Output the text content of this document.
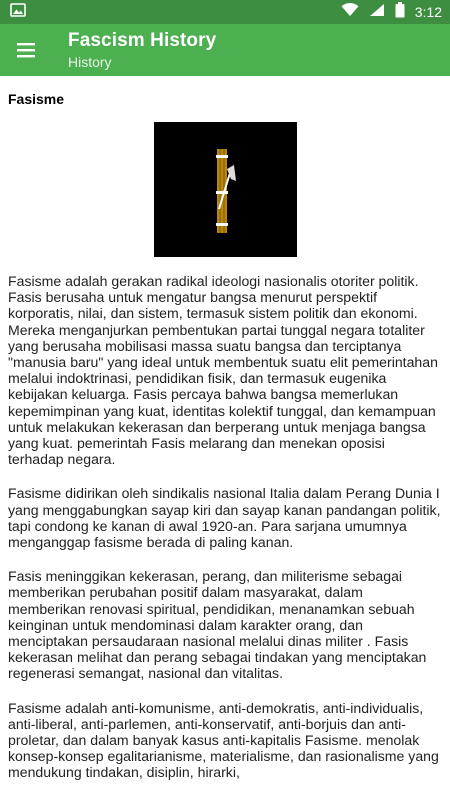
3:12
Fascism History
History
Fasisme

Fasisme adalah gerakan radikal ideologi nasionalis otoriter politik. Fasis berusaha untuk mengatur bangsa menurut perspektif korporatis, nilai, dan sistem, termasuk sistem politik dan ekonomi. Mereka menganjurkan pembentukan partai tunggal negara totaliter yang berusaha mobilisasi massa suatu bangsa dan terciptanya "manusia baru" yang ideal untuk membentuk suatu elit pemerintahan melalui indoktrinasi, pendidikan fisik, dan termasuk eugenika kebijakan keluarga. Fasis percaya bahwa bangsa memerlukan kepemimpinan yang kuat, identitas kolektif tunggal, dan kemampuan untuk melakukan kekerasan dan berperang untuk menjaga bangsa yang kuat. pemerintah Fasis melarang dan menekan oposisi terhadap negara.

Fasisme didirikan oleh sindikalis nasional Italia dalam Perang Dunia I yang menggabungkan sayap kiri dan sayap kanan pandangan politik, tapi condong ke kanan di awal 1920-an. Para sarjana umumnya menganggap fasisme berada di paling kanan.

Fasis meninggikan kekerasan, perang, dan militerisme sebagai memberikan perubahan positif dalam masyarakat, dalam memberikan renovasi spiritual, pendidikan, menanamkan sebuah keinginan untuk mendominasi dalam karakter orang, dan menciptakan persaudaraan nasional melalui dinas militer . Fasis kekerasan melihat dan perang sebagai tindakan yang menciptakan regenerasi semangat, nasional dan vitalitas.

Fasisme adalah anti-komunisme, anti-demokratis, anti-individualis, anti-liberal, anti-parlemen, anti-konservatif, anti-borjuis dan anti-proletar, dan dalam banyak kasus anti-kapitalis Fasisme. menolak konsep-konsep egalitarianisme, materialisme, dan rasionalisme yang mendukung tindakan, disiplin, hirarki,
